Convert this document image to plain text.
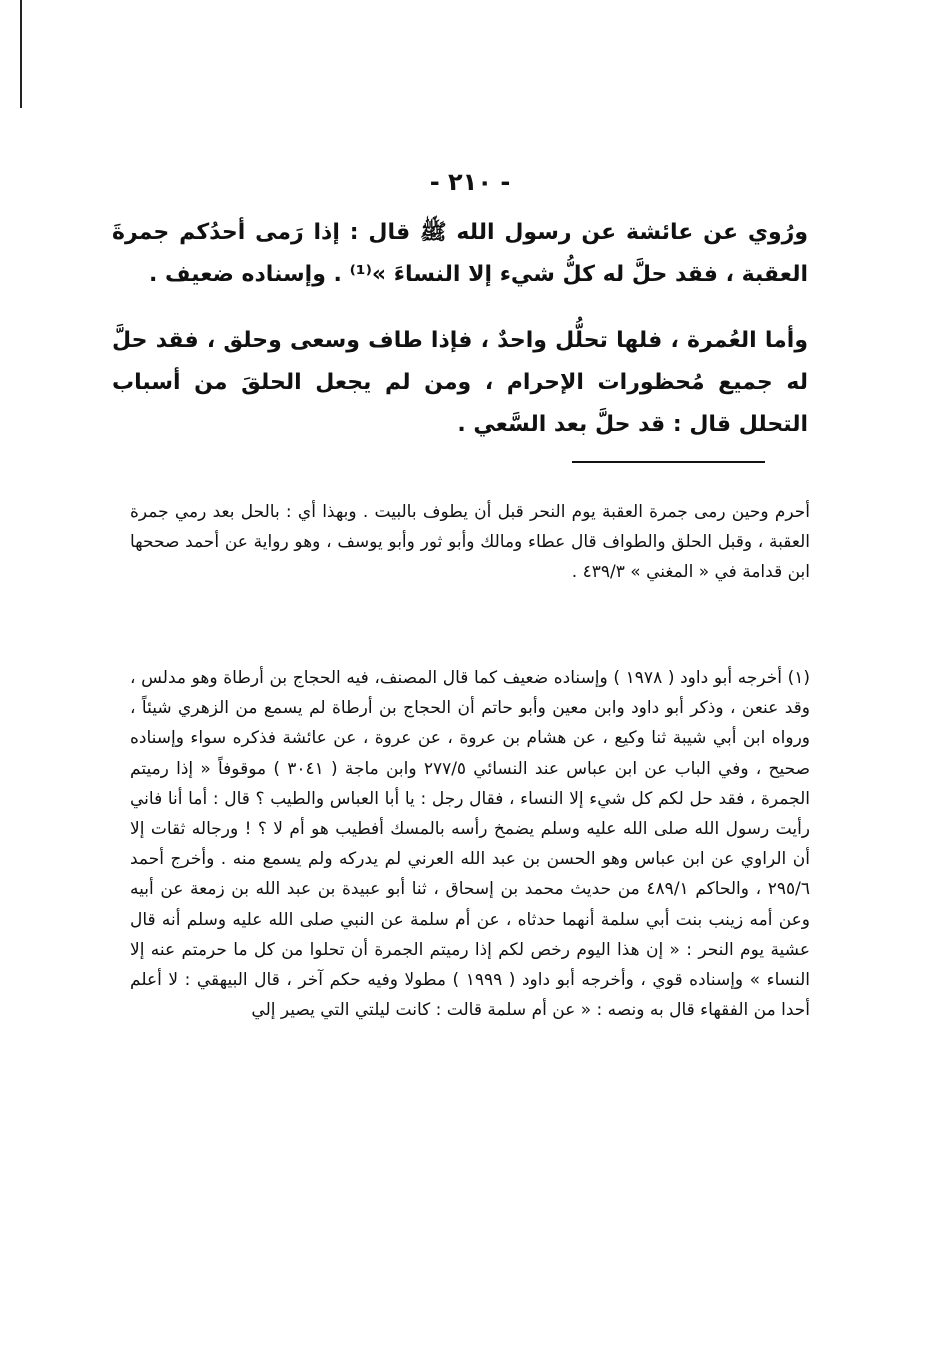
- ٢١٠ -

ورُوي عن عائشة عن رسول الله ﷺ قال : إذا رَمى أحدُكم جمرةَ العقبة ، فقد حلَّ له كلُّ شيء إلا النساءَ »⁽¹⁾ . وإسناده ضعيف .

وأما العُمرة ، فلها تحلُّل واحدٌ ، فإذا طاف وسعى وحلق ، فقد حلَّ له جميع مُحظورات الإحرام ، ومن لم يجعل الحلقَ من أسباب التحلل قال : قد حلَّ بعد السَّعي .

أحرم وحين رمى جمرة العقبة يوم النحر قبل أن يطوف بالبيت . وبهذا أي : بالحل بعد رمي جمرة العقبة ، وقبل الحلق والطواف قال عطاء ومالك وأبو ثور وأبو يوسف ، وهو رواية عن أحمد صححها ابن قدامة في « المغني » ٤٣٩/٣ .

(١) أخرجه أبو داود ( ١٩٧٨ ) وإسناده ضعيف كما قال المصنف، فيه الحجاج بن أرطاة وهو مدلس ، وقد عنعن ، وذكر أبو داود وابن معين وأبو حاتم أن الحجاج بن أرطاة لم يسمع من الزهري شيئاً ، ورواه ابن أبي شيبة ثنا وكيع ، عن هشام بن عروة ، عن عروة ، عن عائشة فذكره سواء وإسناده صحيح ، وفي الباب عن ابن عباس عند النسائي ٢٧٧/٥ وابن ماجة ( ٣٠٤١ ) موقوفاً « إذا رميتم الجمرة ، فقد حل لكم كل شيء إلا النساء ، فقال رجل : يا أبا العباس والطيب ؟ قال : أما أنا فاني رأيت رسول الله صلى الله عليه وسلم يضمخ رأسه بالمسك أفطيب هو أم لا ؟ ! ورجاله ثقات إلا أن الراوي عن ابن عباس وهو الحسن بن عبد الله العرني لم يدركه ولم يسمع منه . وأخرج أحمد ٢٩٥/٦ ، والحاكم ٤٨٩/١ من حديث محمد بن إسحاق ، ثنا أبو عبيدة بن عبد الله بن زمعة عن أبيه وعن أمه زينب بنت أبي سلمة أنهما حدثاه ، عن أم سلمة عن النبي صلى الله عليه وسلم أنه قال عشية يوم النحر : « إن هذا اليوم رخص لكم إذا رميتم الجمرة أن تحلوا من كل ما حرمتم عنه إلا النساء » وإسناده قوي ، وأخرجه أبو داود ( ١٩٩٩ ) مطولا وفيه حكم آخر ، قال البيهقي : لا أعلم أحدا من الفقهاء قال به ونصه : « عن أم سلمة قالت : كانت ليلتي التي يصير إلي
